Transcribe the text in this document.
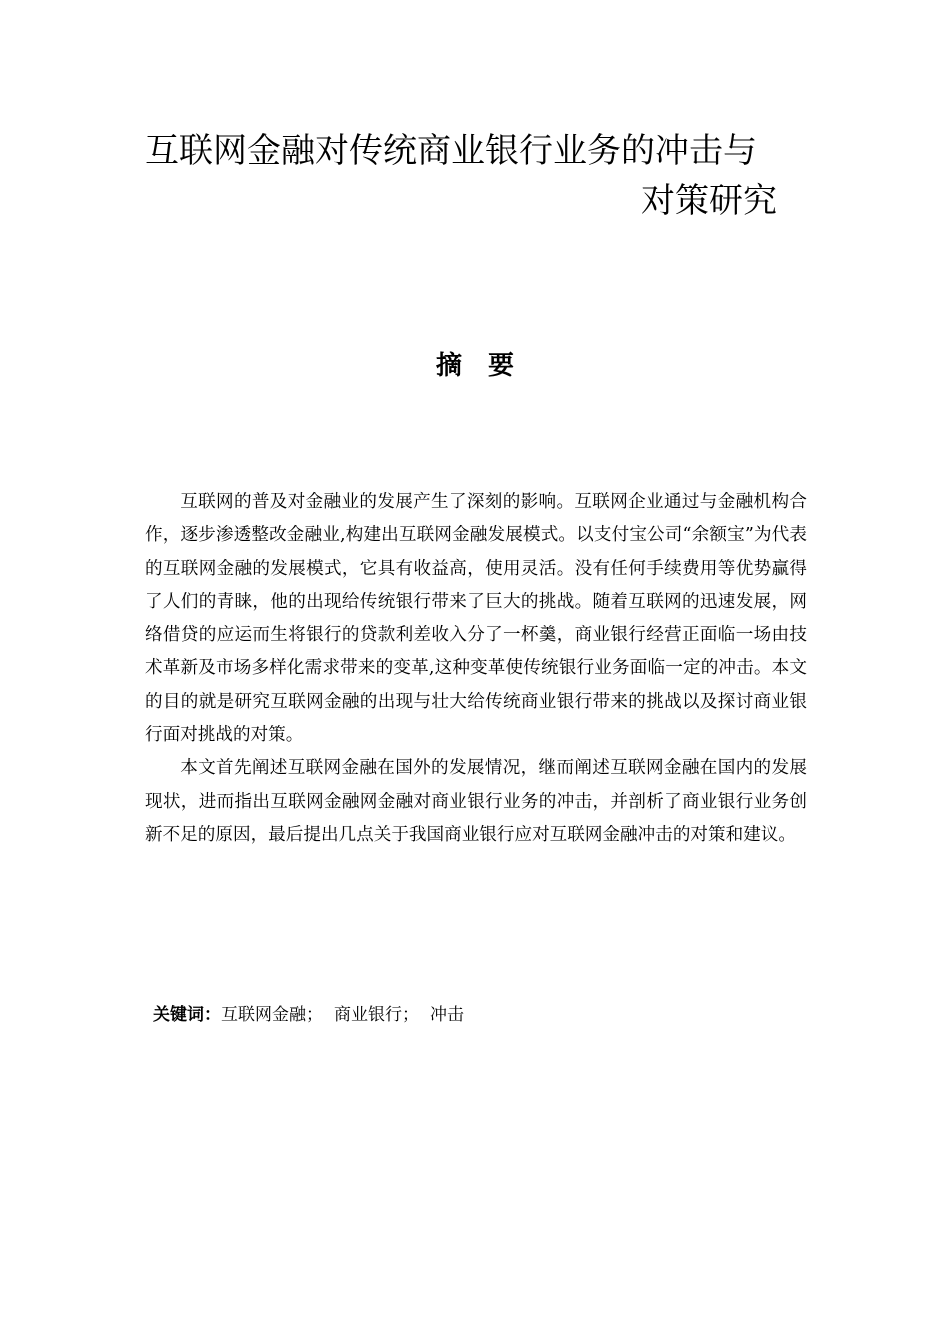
互联网金融对传统商业银行业务的冲击与
对策研究
摘　要

互联网的普及对金融业的发展产生了深刻的影响。互联网企业通过与金融机构合作，逐步渗透整改金融业,构建出互联网金融发展模式。以支付宝公司“余额宝”为代表的互联网金融的发展模式，它具有收益高，使用灵活。没有任何手续费用等优势赢得了人们的青睐，他的出现给传统银行带来了巨大的挑战。随着互联网的迅速发展，网络借贷的应运而生将银行的贷款利差收入分了一杯羹，商业银行经营正面临一场由技术革新及市场多样化需求带来的变革,这种变革使传统银行业务面临一定的冲击。本文的目的就是研究互联网金融的出现与壮大给传统商业银行带来的挑战以及探讨商业银行面对挑战的对策。

本文首先阐述互联网金融在国外的发展情况，继而阐述互联网金融在国内的发展现状，进而指出互联网金融网金融对商业银行业务的冲击，并剖析了商业银行业务创新不足的原因，最后提出几点关于我国商业银行应对互联网金融冲击的对策和建议。

关键词：互联网金融； 商业银行； 冲击
